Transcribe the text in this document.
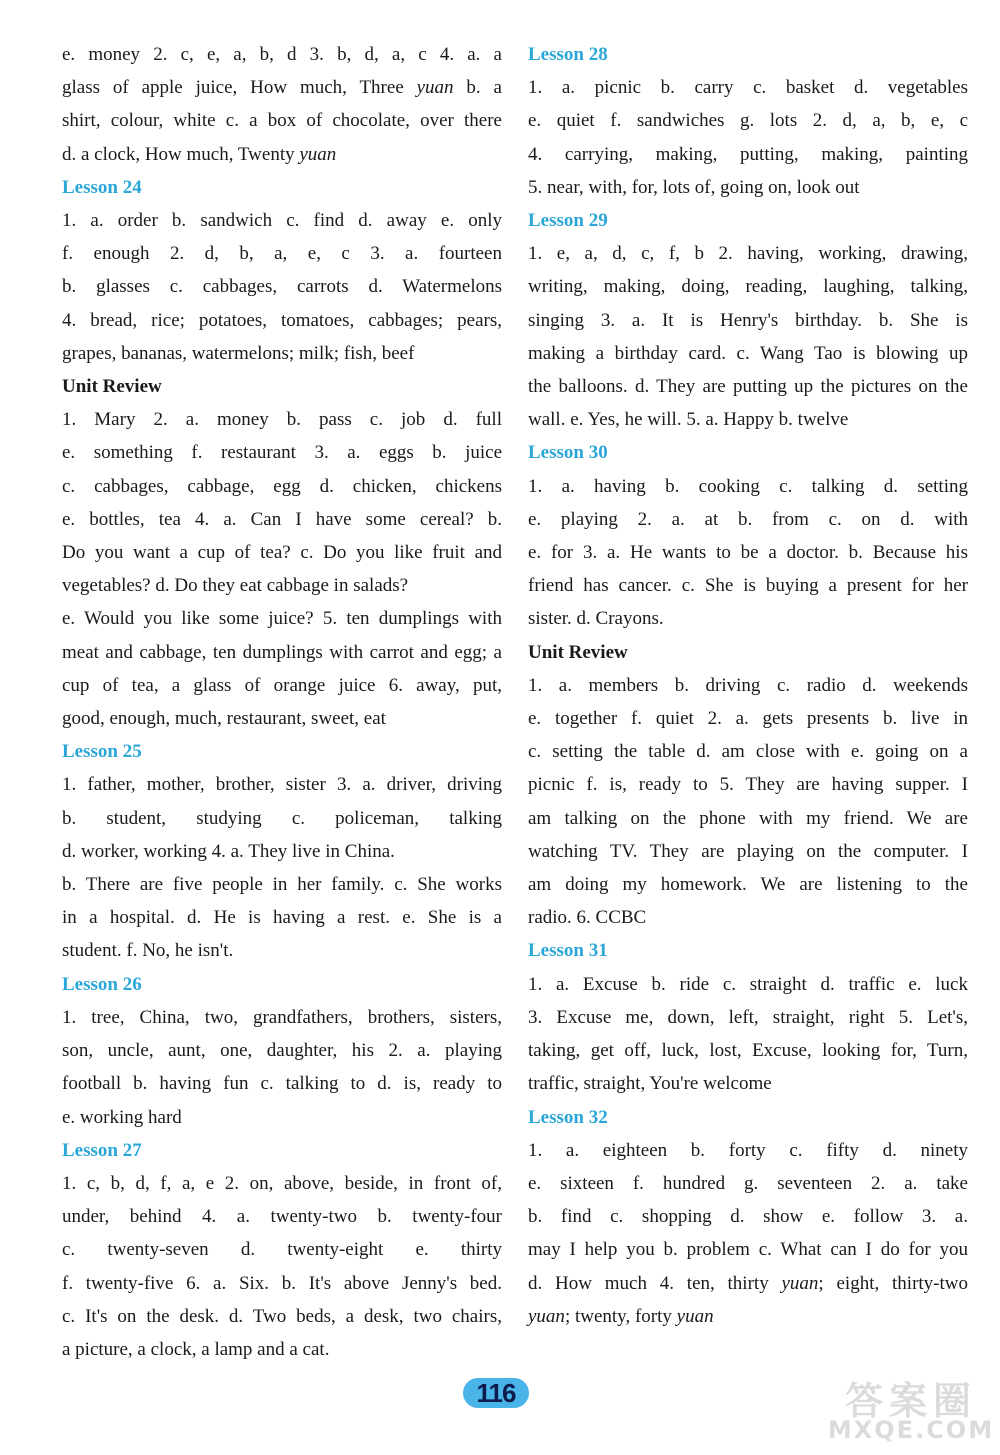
e. money 2. c, e, a, b, d 3. b, d, a, c 4. a. a

glass of apple juice, How much, Three yuan b. a

shirt, colour, white c. a box of chocolate, over there

d. a clock, How much, Twenty yuan

Lesson 24

1. a. order b. sandwich c. find d. away e. only

f. enough 2. d, b, a, e, c 3. a. fourteen

b. glasses c. cabbages, carrots d. Watermelons

4. bread, rice; potatoes, tomatoes, cabbages; pears,

grapes, bananas, watermelons; milk; fish, beef

Unit Review

1. Mary 2. a. money b. pass c. job d. full

e. something f. restaurant 3. a. eggs b. juice

c. cabbages, cabbage, egg d. chicken, chickens

e. bottles, tea 4. a. Can I have some cereal? b.

Do you want a cup of tea? c. Do you like fruit and

vegetables? d. Do they eat cabbage in salads?

e. Would you like some juice? 5. ten dumplings with

meat and cabbage, ten dumplings with carrot and egg; a

cup of tea, a glass of orange juice 6. away, put,

good, enough, much, restaurant, sweet, eat

Lesson 25

1. father, mother, brother, sister 3. a. driver, driving

b. student, studying c. policeman, talking

d. worker, working 4. a. They live in China.

b. There are five people in her family. c. She works

in a hospital. d. He is having a rest. e. She is a

student. f. No, he isn't.

Lesson 26

1. tree, China, two, grandfathers, brothers, sisters,

son, uncle, aunt, one, daughter, his 2. a. playing

football b. having fun c. talking to d. is, ready to

e. working hard

Lesson 27

1. c, b, d, f, a, e 2. on, above, beside, in front of,

under, behind 4. a. twenty-two b. twenty-four

c. twenty-seven d. twenty-eight e. thirty

f. twenty-five 6. a. Six. b. It's above Jenny's bed.

c. It's on the desk. d. Two beds, a desk, two chairs,

a picture, a clock, a lamp and a cat.

Lesson 28

1. a. picnic b. carry c. basket d. vegetables

e. quiet f. sandwiches g. lots 2. d, a, b, e, c

4. carrying, making, putting, making, painting

5. near, with, for, lots of, going on, look out

Lesson 29

1. e, a, d, c, f, b 2. having, working, drawing,

writing, making, doing, reading, laughing, talking,

singing 3. a. It is Henry's birthday. b. She is

making a birthday card. c. Wang Tao is blowing up

the balloons. d. They are putting up the pictures on the

wall. e. Yes, he will. 5. a. Happy b. twelve

Lesson 30

1. a. having b. cooking c. talking d. setting

e. playing 2. a. at b. from c. on d. with

e. for 3. a. He wants to be a doctor. b. Because his

friend has cancer. c. She is buying a present for her

sister. d. Crayons.

Unit Review

1. a. members b. driving c. radio d. weekends

e. together f. quiet 2. a. gets presents b. live in

c. setting the table d. am close with e. going on a

picnic f. is, ready to 5. They are having supper. I

am talking on the phone with my friend. We are

watching TV. They are playing on the computer. I

am doing my homework. We are listening to the

radio. 6. CCBC

Lesson 31

1. a. Excuse b. ride c. straight d. traffic e. luck

3. Excuse me, down, left, straight, right 5. Let's,

taking, get off, luck, lost, Excuse, looking for, Turn,

traffic, straight, You're welcome

Lesson 32

1. a. eighteen b. forty c. fifty d. ninety

e. sixteen f. hundred g. seventeen 2. a. take

b. find c. shopping d. show e. follow 3. a.

may I help you b. problem c. What can I do for you

d. How much 4. ten, thirty yuan; eight, thirty-two

yuan; twenty, forty yuan

116	答案圈
MXQE.COM
